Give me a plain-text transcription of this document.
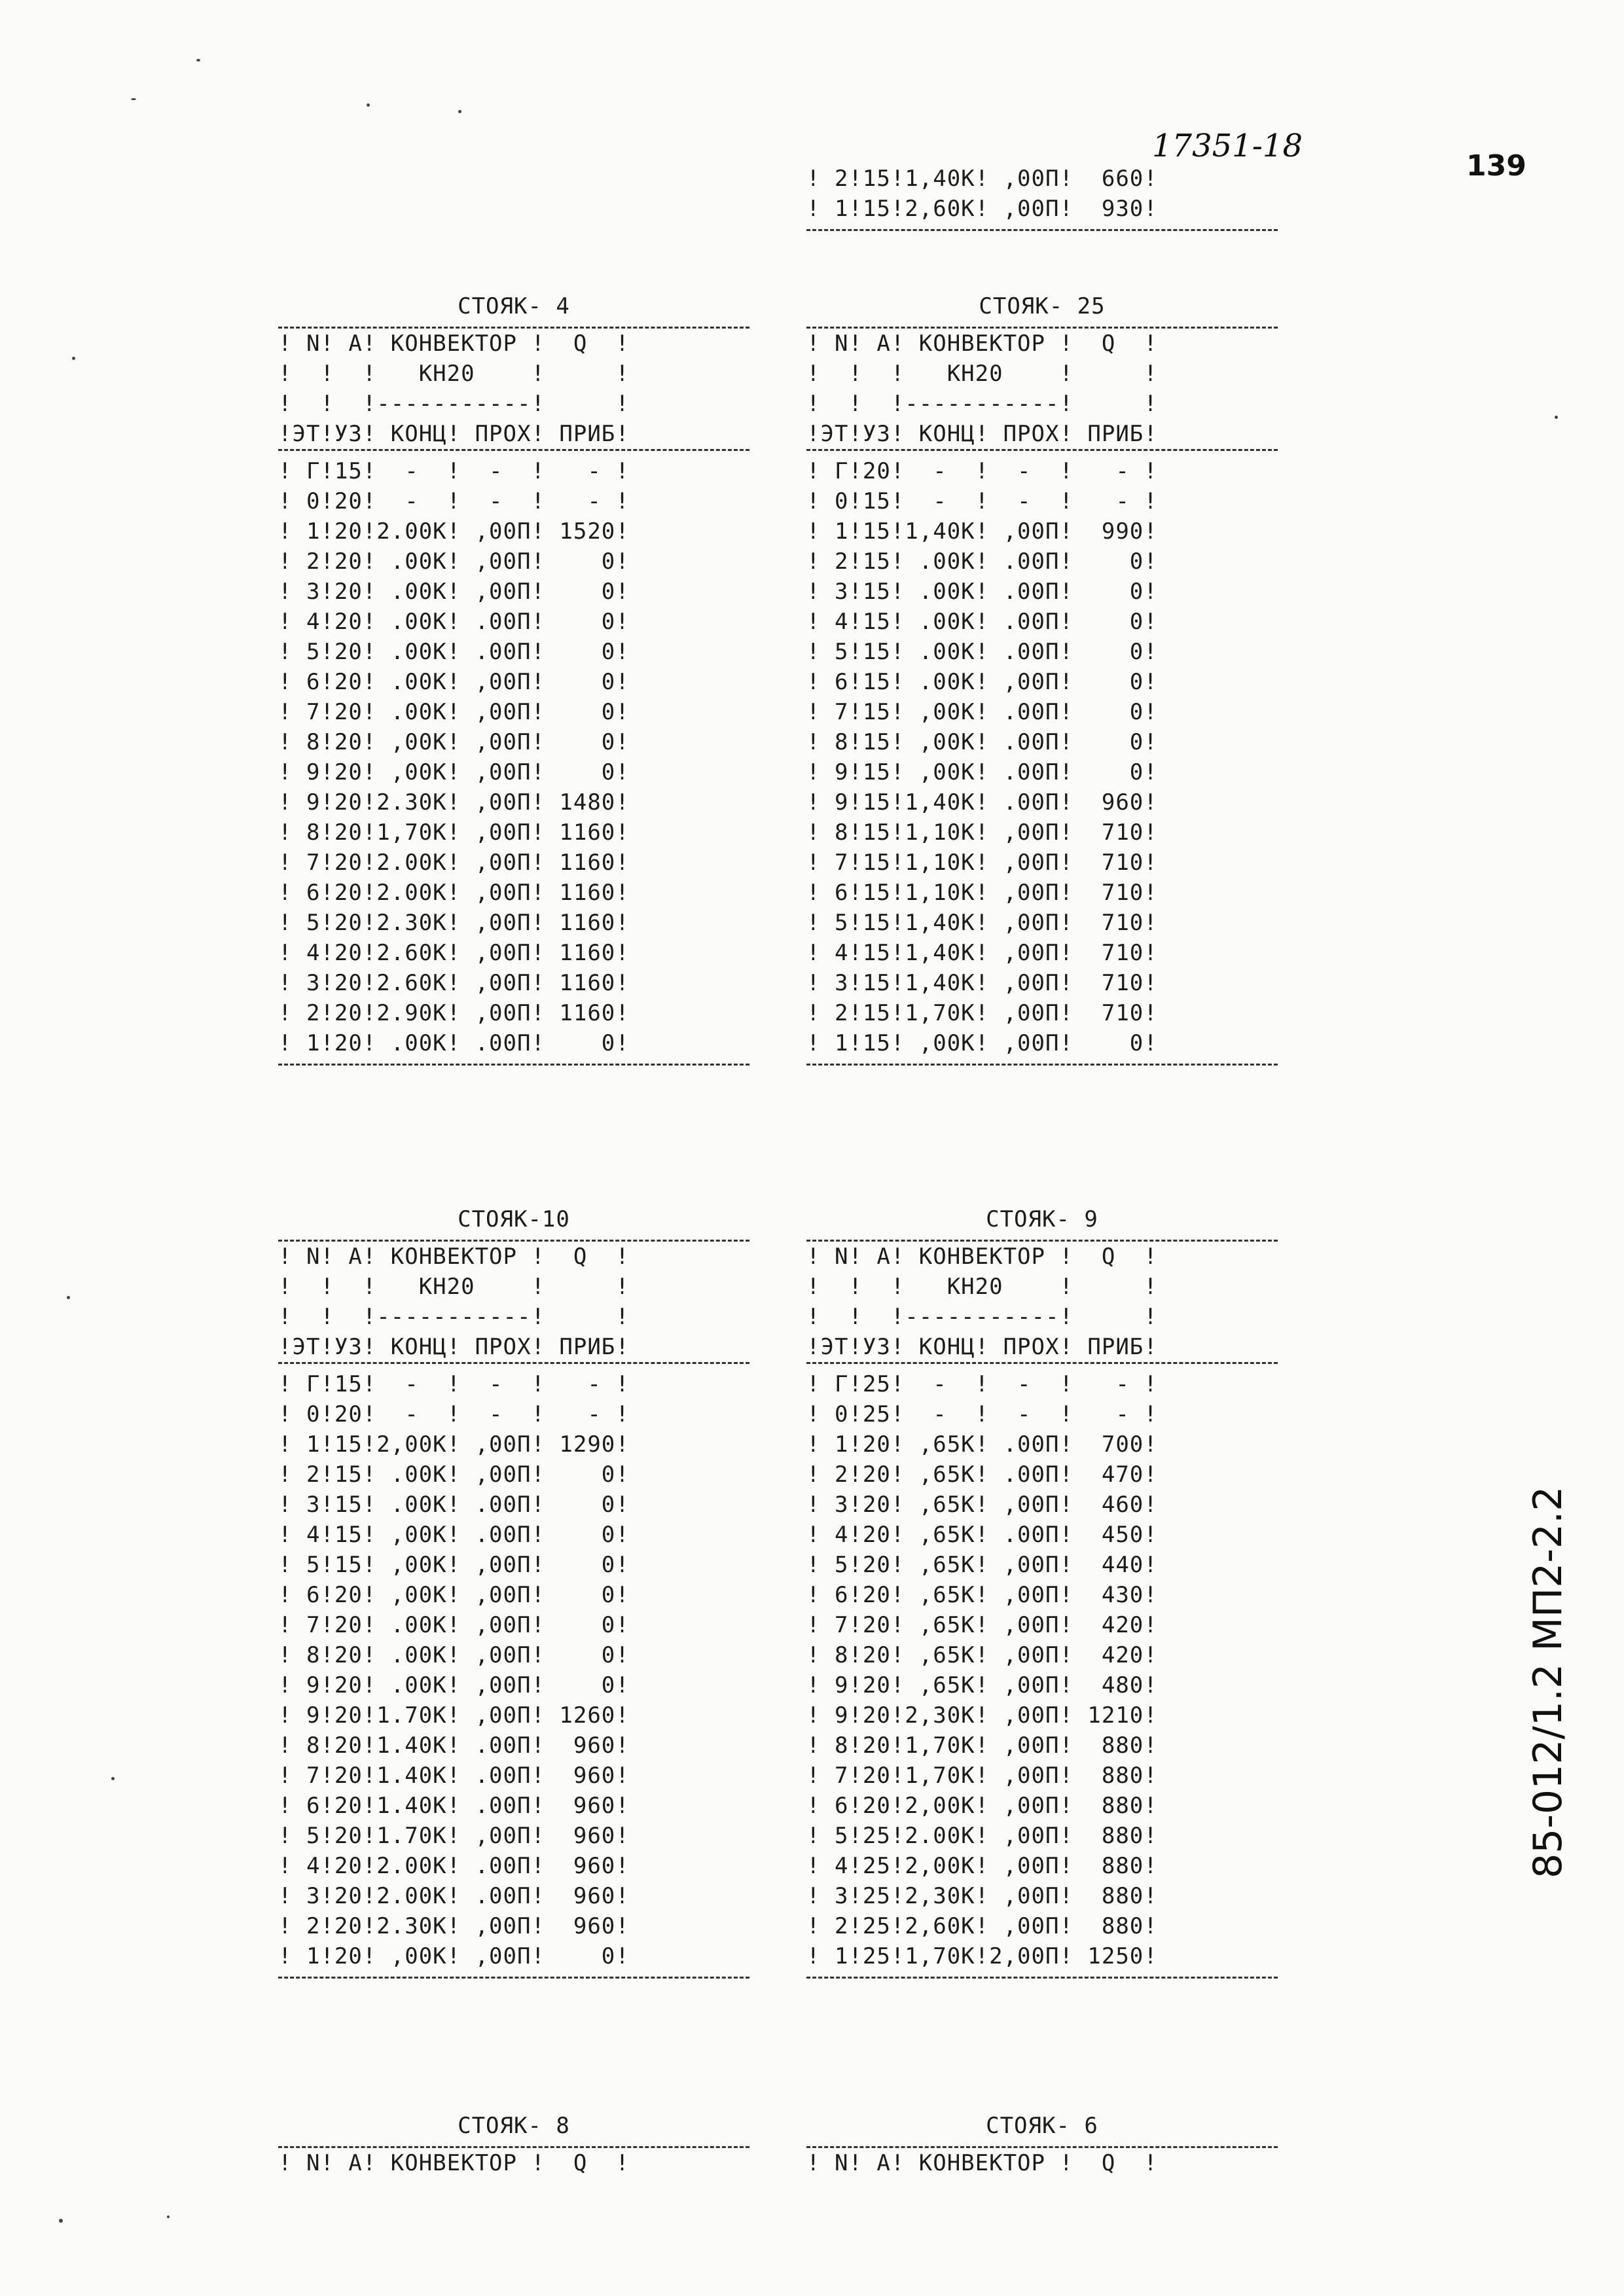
17351-18
139
85-012/1.2 МП2-2.2
! 2!15!1,40К! ,00П!  660!
! 1!15!2,60К! ,00П!  930!
СТОЯК- 4
! N! А! КОНВЕКТОР !  Q  !
!  !  !   КН20    !     !
!  !  !-----------!     !
!ЭТ!УЗ! КОНЦ! ПРОХ! ПРИБ!
! Г!15!  -  !  -  !   - !
! 0!20!  -  !  -  !   - !
! 1!20!2.00К! ,00П! 1520!
! 2!20! .00К! ,00П!    0!
! 3!20! .00К! ,00П!    0!
! 4!20! .00К! .00П!    0!
! 5!20! .00К! .00П!    0!
! 6!20! .00К! ,00П!    0!
! 7!20! .00К! ,00П!    0!
! 8!20! ,00К! ,00П!    0!
! 9!20! ,00К! ,00П!    0!
! 9!20!2.30К! ,00П! 1480!
! 8!20!1,70К! ,00П! 1160!
! 7!20!2.00К! ,00П! 1160!
! 6!20!2.00К! ,00П! 1160!
! 5!20!2.30К! ,00П! 1160!
! 4!20!2.60К! ,00П! 1160!
! 3!20!2.60К! ,00П! 1160!
! 2!20!2.90К! ,00П! 1160!
! 1!20! .00К! .00П!    0!
СТОЯК- 25
! N! А! КОНВЕКТОР !  Q  !
!  !  !   КН20    !     !
!  !  !-----------!     !
!ЭТ!УЗ! КОНЦ! ПРОХ! ПРИБ!
! Г!20!  -  !  -  !   - !
! 0!15!  -  !  -  !   - !
! 1!15!1,40К! ,00П!  990!
! 2!15! .00К! .00П!    0!
! 3!15! .00К! .00П!    0!
! 4!15! .00К! .00П!    0!
! 5!15! .00К! .00П!    0!
! 6!15! .00К! ,00П!    0!
! 7!15! ,00К! .00П!    0!
! 8!15! ,00К! .00П!    0!
! 9!15! ,00К! .00П!    0!
! 9!15!1,40К! .00П!  960!
! 8!15!1,10К! ,00П!  710!
! 7!15!1,10К! ,00П!  710!
! 6!15!1,10К! ,00П!  710!
! 5!15!1,40К! ,00П!  710!
! 4!15!1,40К! ,00П!  710!
! 3!15!1,40К! ,00П!  710!
! 2!15!1,70К! ,00П!  710!
! 1!15! ,00К! ,00П!    0!
СТОЯК-10
! N! А! КОНВЕКТОР !  Q  !
!  !  !   КН20    !     !
!  !  !-----------!     !
!ЭТ!УЗ! КОНЦ! ПРОХ! ПРИБ!
! Г!15!  -  !  -  !   - !
! 0!20!  -  !  -  !   - !
! 1!15!2,00К! ,00П! 1290!
! 2!15! .00К! ,00П!    0!
! 3!15! .00К! .00П!    0!
! 4!15! ,00К! .00П!    0!
! 5!15! ,00К! ,00П!    0!
! 6!20! ,00К! ,00П!    0!
! 7!20! .00К! ,00П!    0!
! 8!20! .00К! ,00П!    0!
! 9!20! .00К! ,00П!    0!
! 9!20!1.70К! ,00П! 1260!
! 8!20!1.40К! .00П!  960!
! 7!20!1.40К! .00П!  960!
! 6!20!1.40К! .00П!  960!
! 5!20!1.70К! ,00П!  960!
! 4!20!2.00К! .00П!  960!
! 3!20!2.00К! .00П!  960!
! 2!20!2.30К! ,00П!  960!
! 1!20! ,00К! ,00П!    0!
СТОЯК- 9
! N! А! КОНВЕКТОР !  Q  !
!  !  !   КН20    !     !
!  !  !-----------!     !
!ЭТ!УЗ! КОНЦ! ПРОХ! ПРИБ!
! Г!25!  -  !  -  !   - !
! 0!25!  -  !  -  !   - !
! 1!20! ,65К! .00П!  700!
! 2!20! ,65К! .00П!  470!
! 3!20! ,65К! ,00П!  460!
! 4!20! ,65К! .00П!  450!
! 5!20! ,65К! ,00П!  440!
! 6!20! ,65К! ,00П!  430!
! 7!20! ,65К! ,00П!  420!
! 8!20! ,65К! ,00П!  420!
! 9!20! ,65К! ,00П!  480!
! 9!20!2,30К! ,00П! 1210!
! 8!20!1,70К! ,00П!  880!
! 7!20!1,70К! ,00П!  880!
! 6!20!2,00К! ,00П!  880!
! 5!25!2.00К! ,00П!  880!
! 4!25!2,00К! ,00П!  880!
! 3!25!2,30К! ,00П!  880!
! 2!25!2,60К! ,00П!  880!
! 1!25!1,70К!2,00П! 1250!
СТОЯК- 8
! N! А! КОНВЕКТОР !  Q  !
СТОЯК- 6
! N! А! КОНВЕКТОР !  Q  !
